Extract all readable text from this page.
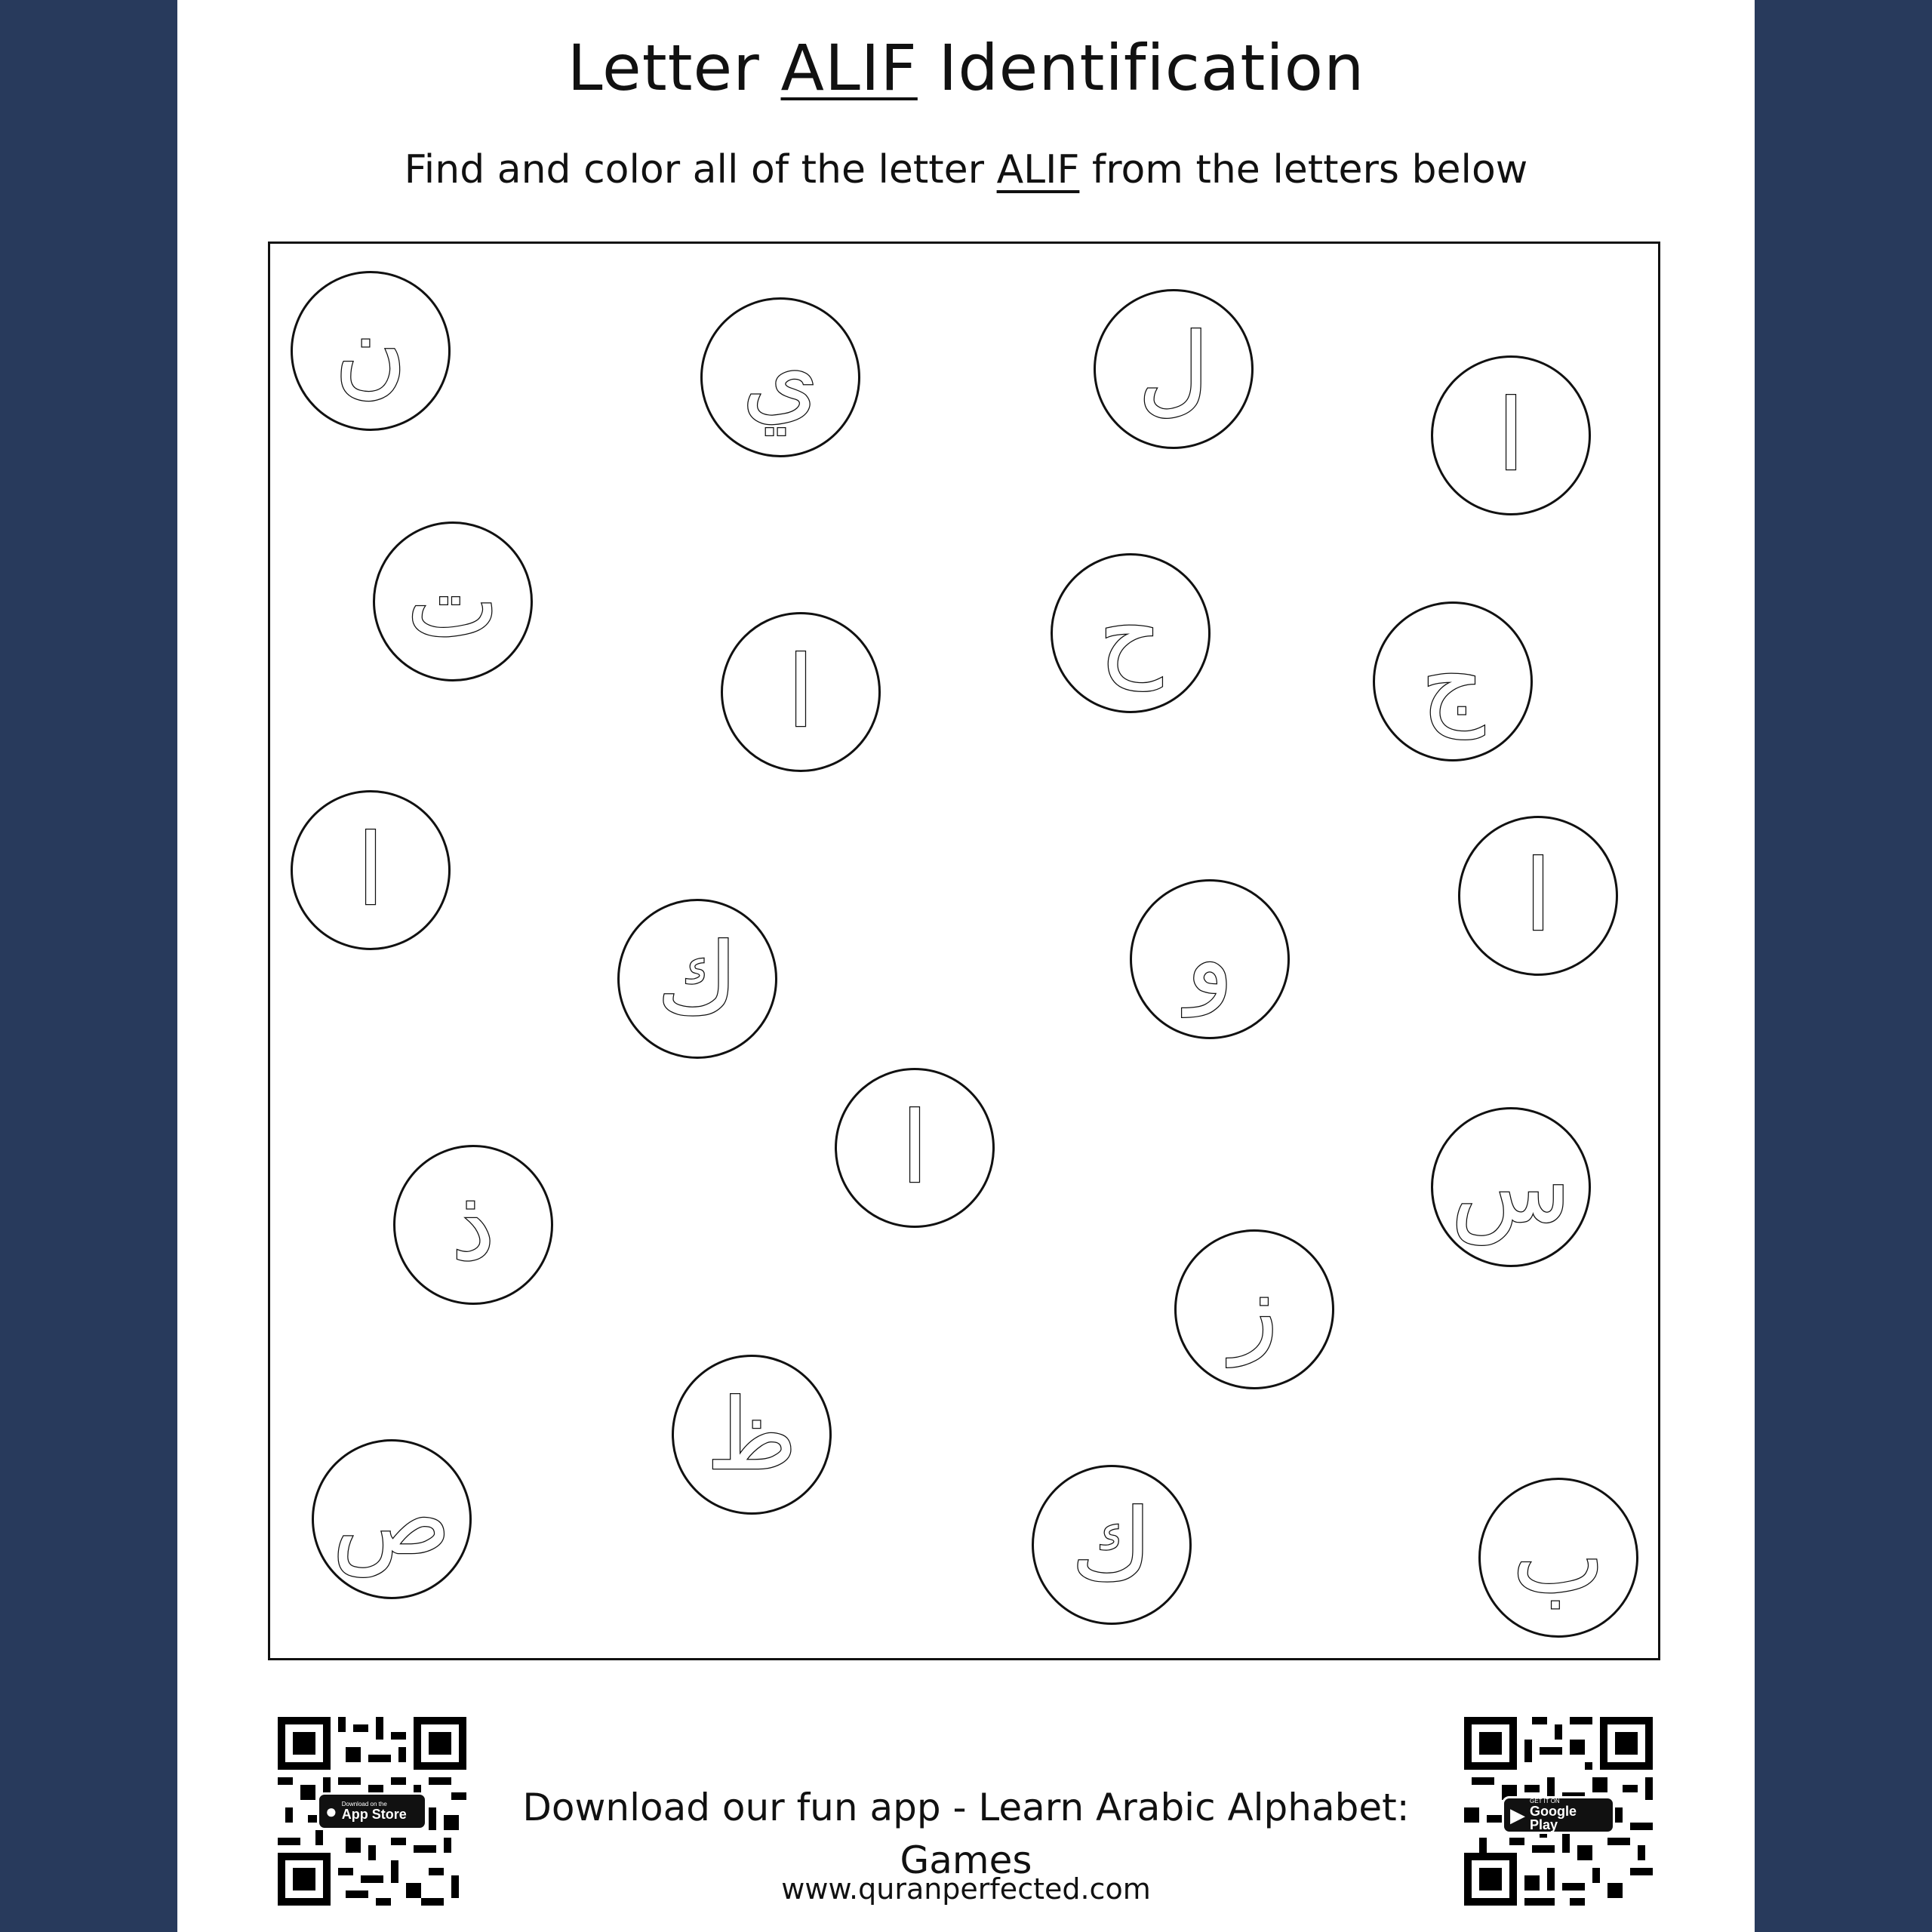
Letter ALIF Identification
Find and color all of the letter ALIF from the letters below
ن	ي	ل
ا
ت	ح
ا	ج
ا
ك	و
ا
ذ
ا	س
ز
ظ
ص	ك	ب
● Download on the
App Store	Download our fun app - Learn Arabic Alphabet: Games
▶
GET IT ON
Google Play
www.quranperfected.com
